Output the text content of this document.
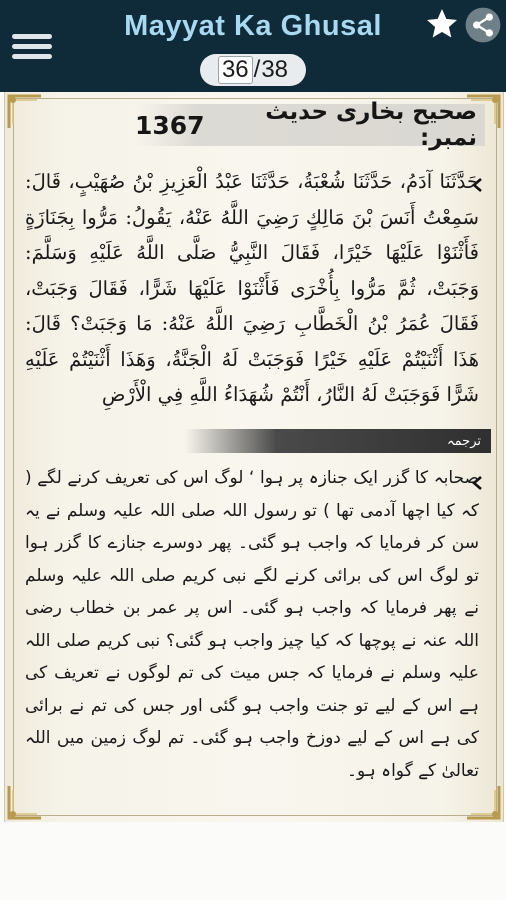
Mayyat Ka Ghusal
36 / 38
صحیح بخاری حدیث نمبر:
1367
حَدَّثَنَا آدَمُ، حَدَّثَنَا شُعْبَةُ، حَدَّثَنَا عَبْدُ الْعَزِيزِ بْنُ صُهَيْبٍ، قَالَ: سَمِعْتُ أَنَسَ بْنَ مَالِكٍ رَضِيَ اللَّهُ عَنْهُ، يَقُولُ: مَرُّوا بِجَنَازَةٍ فَأَثْنَوْا عَلَيْهَا خَيْرًا، فَقَالَ النَّبِيُّ صَلَّى اللَّهُ عَلَيْهِ وَسَلَّمَ: وَجَبَتْ، ثُمَّ مَرُّوا بِأُخْرَى فَأَثْنَوْا عَلَيْهَا شَرًّا، فَقَالَ وَجَبَتْ، فَقَالَ عُمَرُ بْنُ الْخَطَّابِ رَضِيَ اللَّهُ عَنْهُ: مَا وَجَبَتْ؟ قَالَ: هَذَا أَثْنَيْتُمْ عَلَيْهِ خَيْرًا فَوَجَبَتْ لَهُ الْجَنَّةُ، وَهَذَا أَثْنَيْتُمْ عَلَيْهِ شَرًّا فَوَجَبَتْ لَهُ النَّارُ، أَنْتُمْ شُهَدَاءُ اللَّهِ فِي الْأَرْضِ
ترجمہ
صحابہ کا گزر ایک جنازہ پر ہوا ‘ لوگ اس کی تعریف کرنے لگے ( کہ کیا اچھا آدمی تھا ) تو رسول اللہ صلی اللہ علیہ وسلم نے یہ سن کر فرمایا کہ واجب ہو گئی۔ پھر دوسرے جنازے کا گزر ہوا تو لوگ اس کی برائی کرنے لگے نبی کریم صلی اللہ علیہ وسلم نے پھر فرمایا کہ واجب ہو گئی۔ اس پر عمر بن خطاب رضی اللہ عنہ نے پوچھا کہ کیا چیز واجب ہو گئی؟ نبی کریم صلی اللہ علیہ وسلم نے فرمایا کہ جس میت کی تم لوگوں نے تعریف کی ہے اس کے لیے تو جنت واجب ہو گئی اور جس کی تم نے برائی کی ہے اس کے لیے دوزخ واجب ہو گئی۔ تم لوگ زمین میں اللہ تعالیٰ کے گواہ ہو۔
